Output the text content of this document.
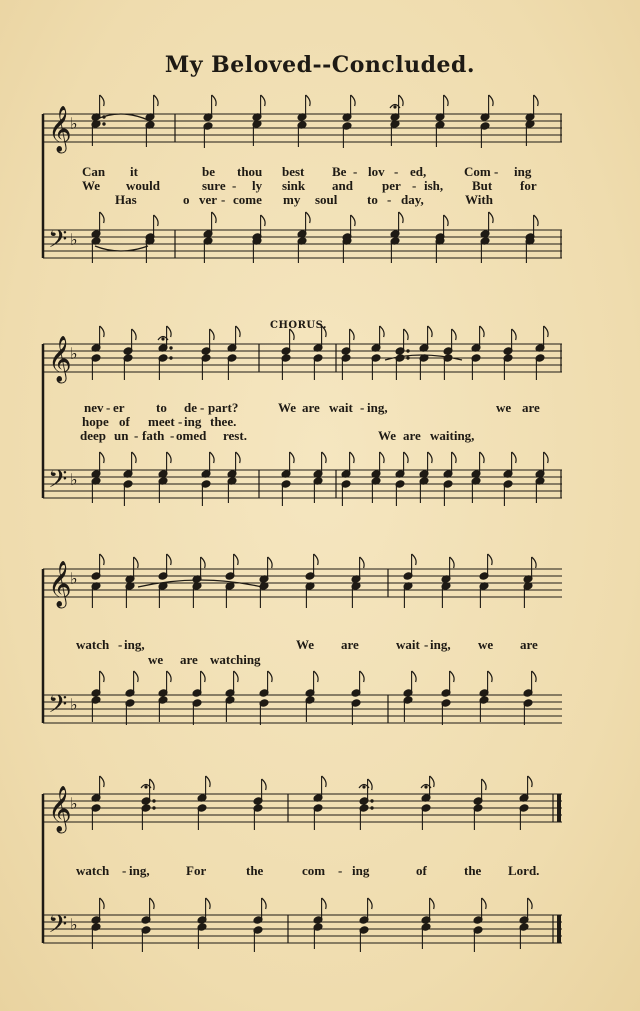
My Beloved--Concluded.
𝄞
𝄢
♭
♭
Can it	be thou best Be - lov - ed,	Com - ing
We would	sure - ly sink and per - ish, But for
Has	o ver - come my soul to - day,	With
CHORUS.
𝄞
𝄢
♭
♭
nev - er to de - part?	We are wait - ing,	we are
hope of meet - ing thee.
deep un - fath - omed rest.	We are waiting,
𝄞
𝄢
♭
♭
watch - ing,	We are	wait - ing, we are
we are watching
𝄞
𝄢
♭
♭
watch - ing,	For	the	com - ing	of	the Lord.
